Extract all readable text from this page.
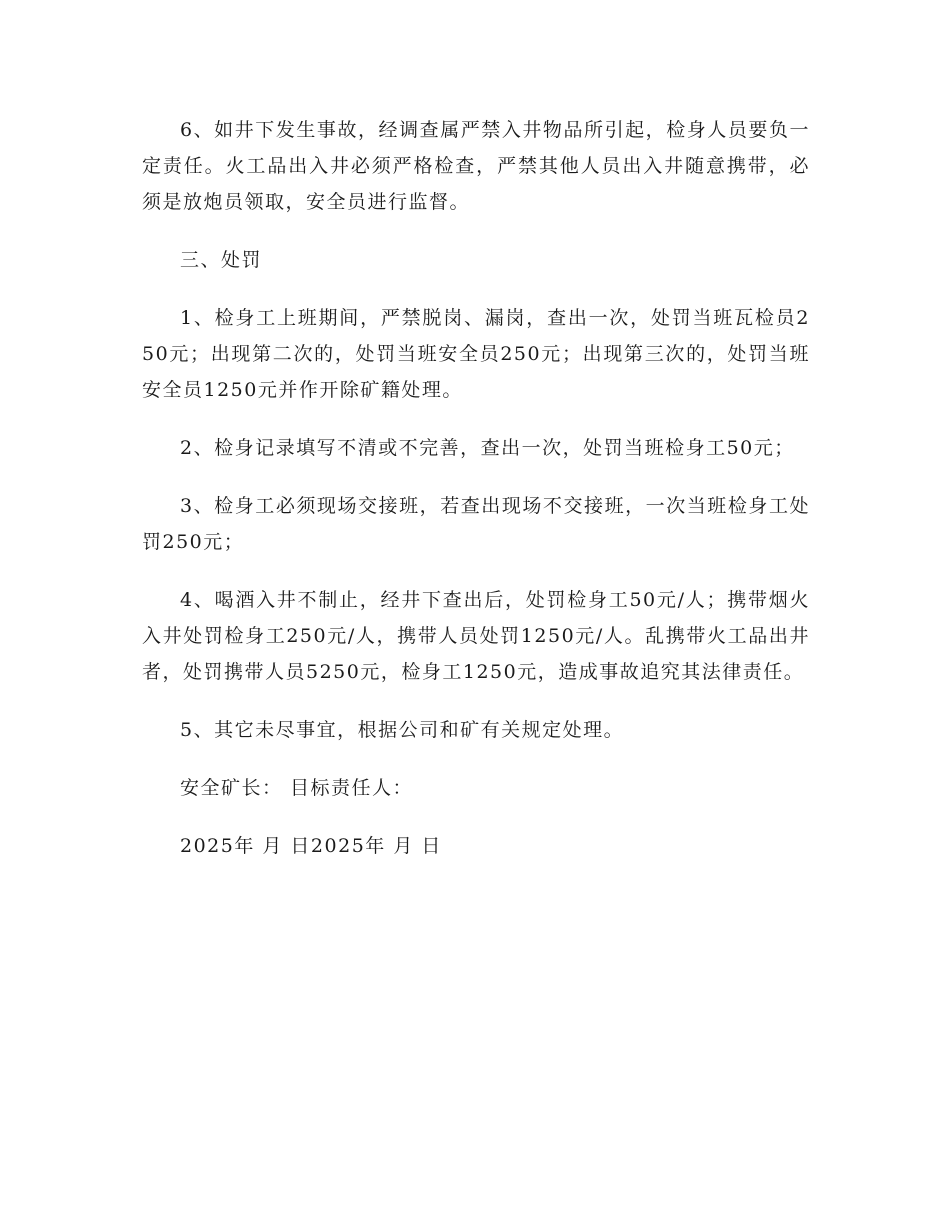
6、如井下发生事故，经调查属严禁入井物品所引起，检身人员要负一定责任。火工品出入井必须严格检查，严禁其他人员出入井随意携带，必须是放炮员领取，安全员进行监督。

三、处罚

1、检身工上班期间，严禁脱岗、漏岗，查出一次，处罚当班瓦检员250元；出现第二次的，处罚当班安全员250元；出现第三次的，处罚当班安全员1250元并作开除矿籍处理。

2、检身记录填写不清或不完善，查出一次，处罚当班检身工50元；

3、检身工必须现场交接班，若查出现场不交接班，一次当班检身工处罚250元；

4、喝酒入井不制止，经井下查出后，处罚检身工50元/人；携带烟火入井处罚检身工250元/人，携带人员处罚1250元/人。乱携带火工品出井者，处罚携带人员5250元，检身工1250元，造成事故追究其法律责任。

5、其它未尽事宜，根据公司和矿有关规定处理。

安全矿长： 目标责任人：

2025年 月 日2025年 月 日
